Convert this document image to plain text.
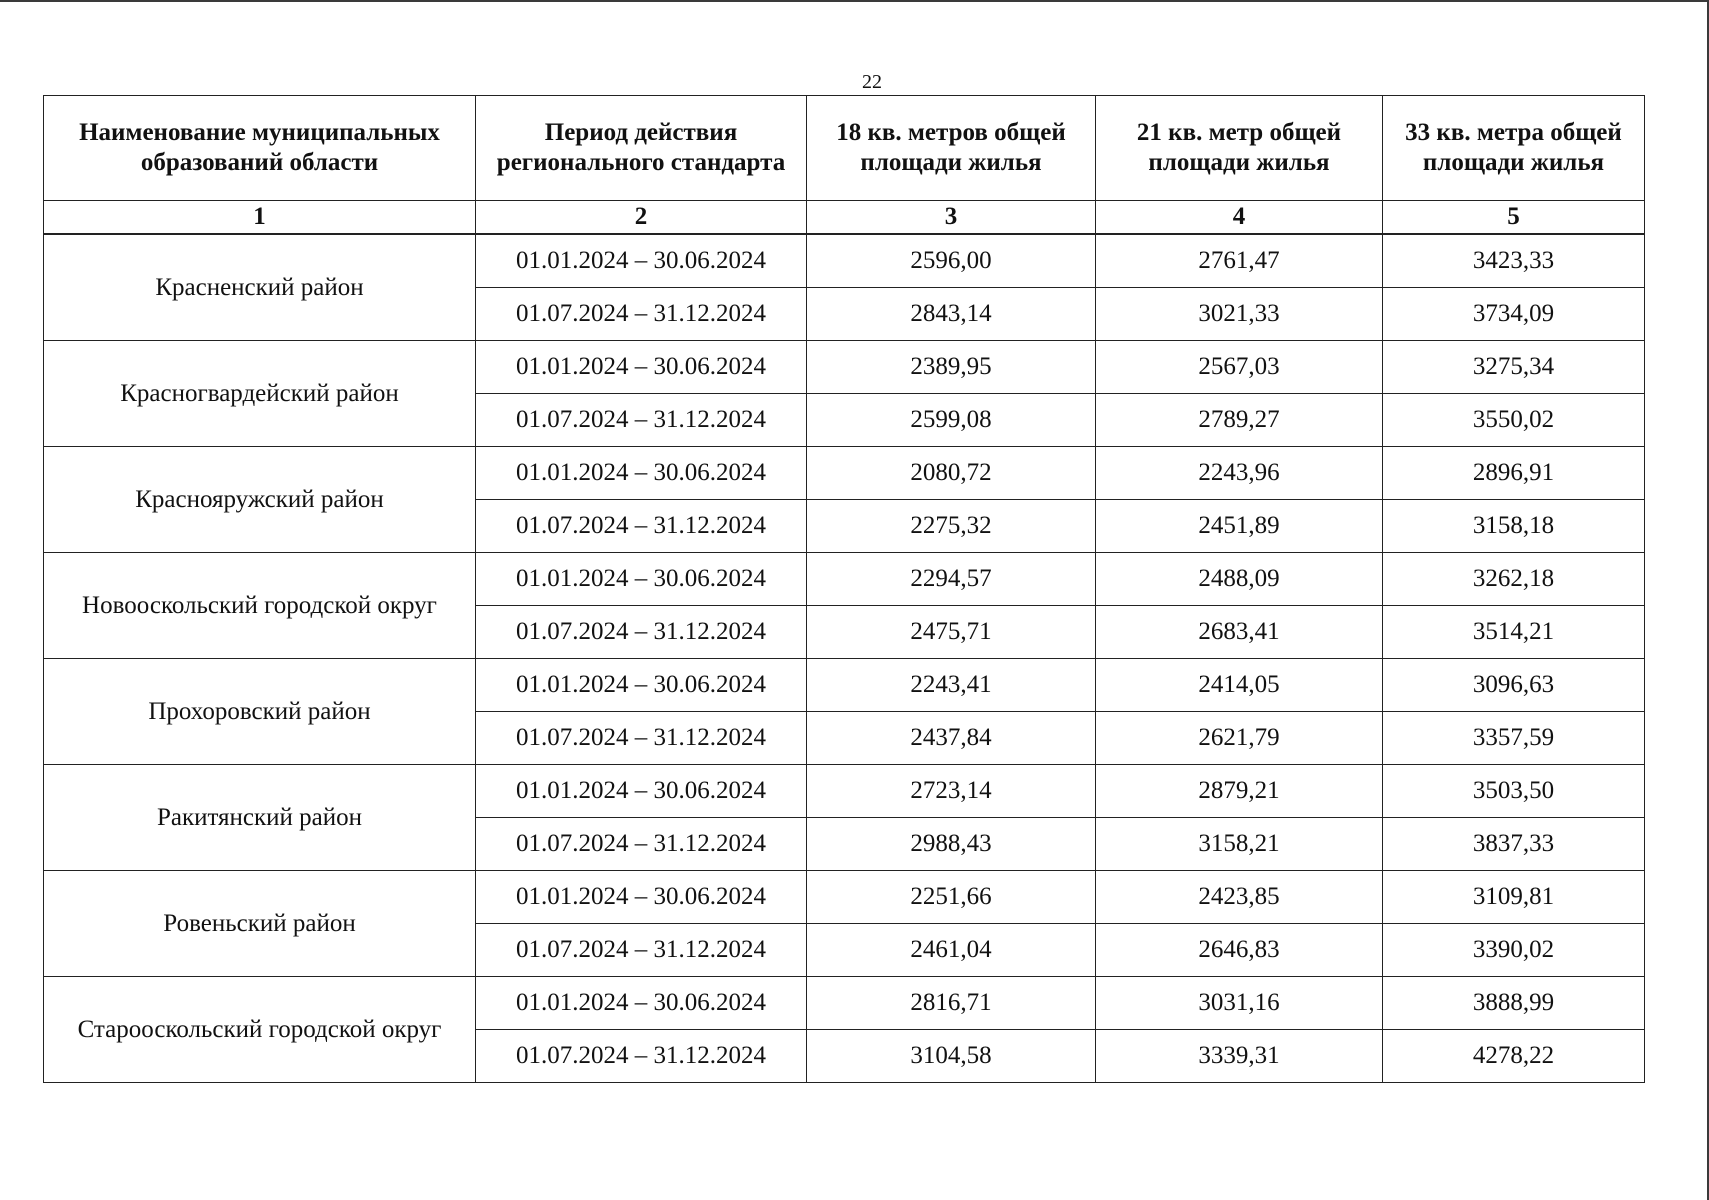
22
Наименование муниципальных образований области	Период действия регионального стандарта	18 кв. метров общей площади жилья	21 кв. метр общей площади жилья	33 кв. метра общей площади жилья
1	2	3	4	5
Красненский район	01.01.2024 – 30.06.2024	2596,00	2761,47	3423,33
	01.07.2024 – 31.12.2024	2843,14	3021,33	3734,09
Красногвардейский район	01.01.2024 – 30.06.2024	2389,95	2567,03	3275,34
	01.07.2024 – 31.12.2024	2599,08	2789,27	3550,02
Краснояружский район	01.01.2024 – 30.06.2024	2080,72	2243,96	2896,91
	01.07.2024 – 31.12.2024	2275,32	2451,89	3158,18
Новооскольский городской округ	01.01.2024 – 30.06.2024	2294,57	2488,09	3262,18
	01.07.2024 – 31.12.2024	2475,71	2683,41	3514,21
Прохоровский район	01.01.2024 – 30.06.2024	2243,41	2414,05	3096,63
	01.07.2024 – 31.12.2024	2437,84	2621,79	3357,59
Ракитянский район	01.01.2024 – 30.06.2024	2723,14	2879,21	3503,50
	01.07.2024 – 31.12.2024	2988,43	3158,21	3837,33
Ровеньский район	01.01.2024 – 30.06.2024	2251,66	2423,85	3109,81
	01.07.2024 – 31.12.2024	2461,04	2646,83	3390,02
Старооскольский городской округ	01.01.2024 – 30.06.2024	2816,71	3031,16	3888,99
	01.07.2024 – 31.12.2024	3104,58	3339,31	4278,22
